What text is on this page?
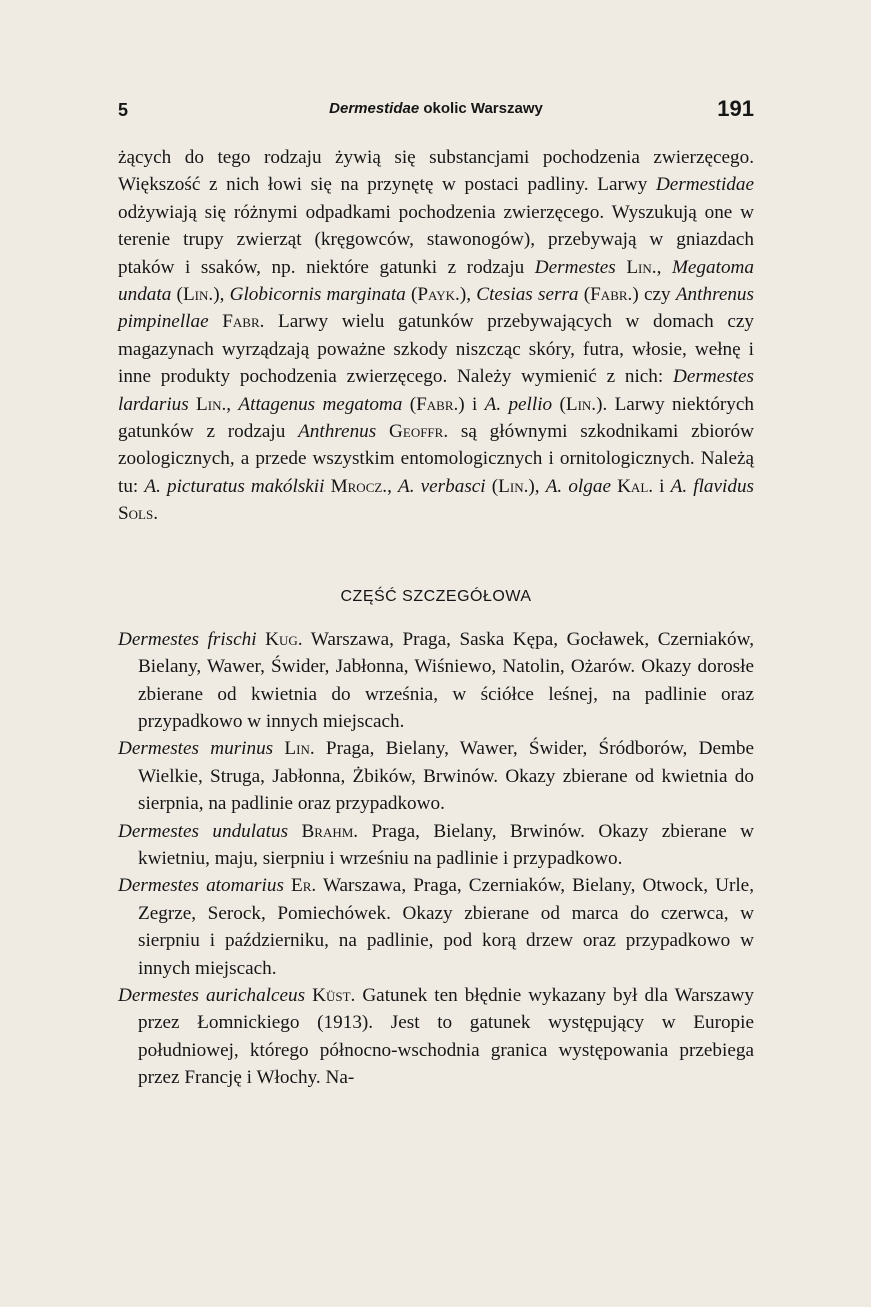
5	Dermestidae okolic Warszawy	191

żących do tego rodzaju żywią się substancjami pochodzenia zwierzęcego. Większość z nich łowi się na przynętę w postaci padliny. Larwy Dermestidae odżywiają się różnymi odpadkami pochodzenia zwierzęcego. Wyszukują one w terenie trupy zwierząt (kręgowców, stawonogów), przebywają w gniazdach ptaków i ssaków, np. niektóre gatunki z rodzaju Dermestes Lin., Megatoma undata (Lin.), Globicornis marginata (Payk.), Ctesias serra (Fabr.) czy Anthrenus pimpinellae Fabr. Larwy wielu gatunków przebywających w domach czy magazynach wyrządzają poważne szkody niszcząc skóry, futra, włosie, wełnę i inne produkty pochodzenia zwierzęcego. Należy wymienić z nich: Dermestes lardarius Lin., Attagenus megatoma (Fabr.) i A. pellio (Lin.). Larwy niektórych gatunków z rodzaju Anthrenus Geoffr. są głównymi szkodnikami zbiorów zoologicznych, a przede wszystkim entomologicznych i ornitologicznych. Należą tu: A. picturatus makólskii Mrocz., A. verbasci (Lin.), A. olgae Kal. i A. flavidus Sols.

CZĘŚĆ SZCZEGÓŁOWA

Dermestes frischi Kug. Warszawa, Praga, Saska Kępa, Gocławek, Czerniaków, Bielany, Wawer, Świder, Jabłonna, Wiśniewo, Natolin, Ożarów. Okazy dorosłe zbierane od kwietnia do września, w ściółce leśnej, na padlinie oraz przypadkowo w innych miejscach.

Dermestes murinus Lin. Praga, Bielany, Wawer, Świder, Śródborów, Dembe Wielkie, Struga, Jabłonna, Żbików, Brwinów. Okazy zbierane od kwietnia do sierpnia, na padlinie oraz przypadkowo.

Dermestes undulatus Brahm. Praga, Bielany, Brwinów. Okazy zbierane w kwietniu, maju, sierpniu i wrześniu na padlinie i przypadkowo.

Dermestes atomarius Er. Warszawa, Praga, Czerniaków, Bielany, Otwock, Urle, Zegrze, Serock, Pomiechówek. Okazy zbierane od marca do czerwca, w sierpniu i październiku, na padlinie, pod korą drzew oraz przypadkowo w innych miejscach.

Dermestes aurichalceus Küst. Gatunek ten błędnie wykazany był dla Warszawy przez Łomnickiego (1913). Jest to gatunek występujący w Europie południowej, którego północno-wschodnia granica występowania przebiega przez Francję i Włochy. Na-
